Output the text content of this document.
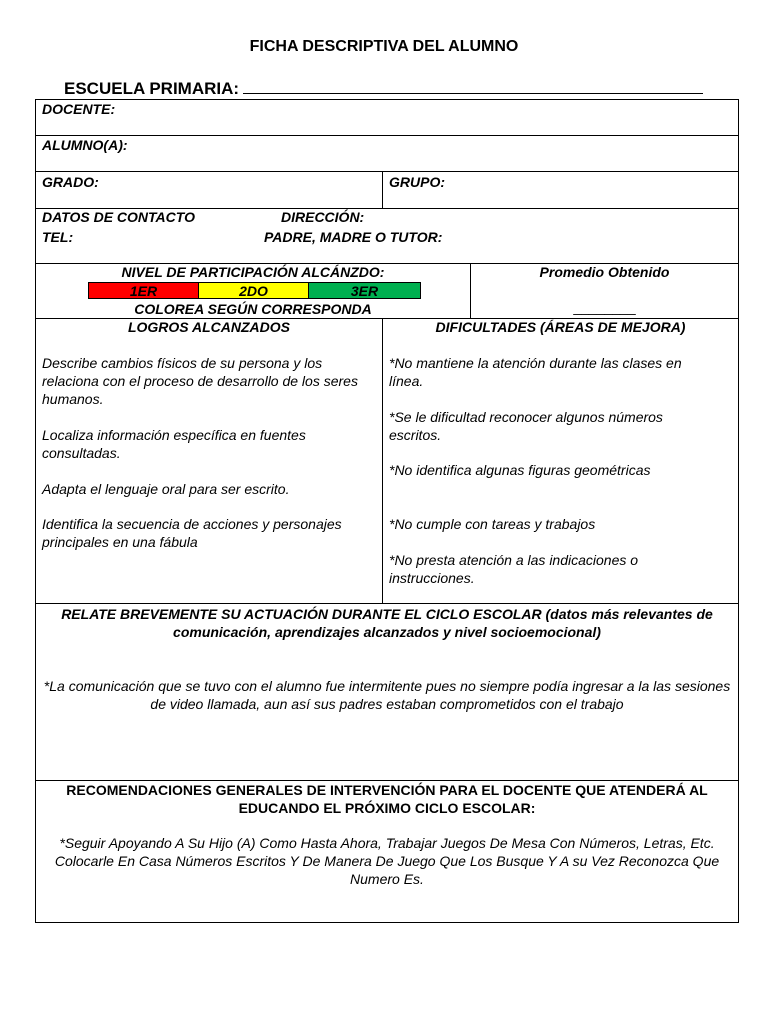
FICHA DESCRIPTIVA DEL ALUMNO
ESCUELA PRIMARIA:
DOCENTE:
ALUMNO(A):
GRADO:	GRUPO:
DATOS DE CONTACTO	DIRECCIÓN:
TEL:	PADRE, MADRE O TUTOR:
NIVEL DE PARTICIPACIÓN ALCÁNZDO:
1ER	2DO	3ER
COLOREA SEGÚN CORRESPONDA
Promedio Obtenido
________
LOGROS ALCANZADOS
Describe cambios físicos de su persona y los relaciona con el proceso de desarrollo de los seres humanos.
Localiza información específica en fuentes consultadas.
Adapta el lenguaje oral para ser escrito.
Identifica la secuencia de acciones y personajes principales en una fábula
DIFICULTADES (ÁREAS DE MEJORA)
*No mantiene la atención durante las clases en línea.
*Se le dificultad reconocer algunos números escritos.
*No identifica algunas figuras geométricas
*No cumple con tareas y trabajos
*No presta atención a las indicaciones o instrucciones.
RELATE BREVEMENTE SU ACTUACIÓN DURANTE EL CICLO ESCOLAR (datos más relevantes de comunicación, aprendizajes alcanzados y nivel socioemocional)
*La comunicación que se tuvo con el alumno fue intermitente pues no siempre podía ingresar a la las sesiones de video llamada, aun así sus padres estaban comprometidos con el trabajo
RECOMENDACIONES GENERALES DE INTERVENCIÓN PARA EL DOCENTE QUE ATENDERÁ AL EDUCANDO EL PRÓXIMO CICLO ESCOLAR:
*Seguir Apoyando A Su Hijo (A) Como Hasta Ahora, Trabajar Juegos De Mesa Con Números, Letras, Etc. Colocarle En Casa Números Escritos Y De Manera De Juego Que Los Busque Y A su Vez Reconozca Que Numero Es.
